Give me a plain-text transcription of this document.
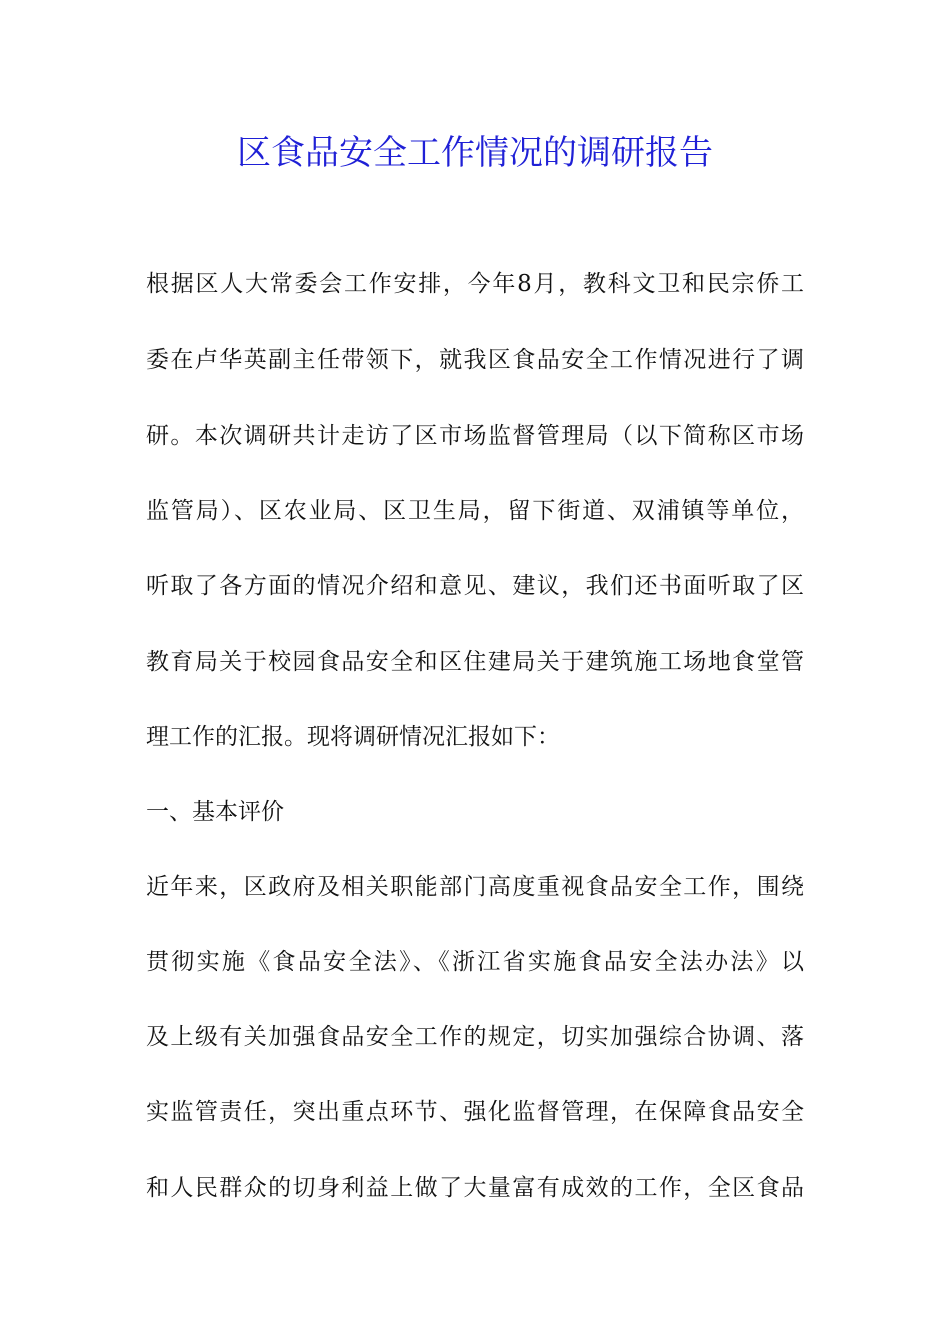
区食品安全工作情况的调研报告
根据区人大常委会工作安排，今年8月，教科文卫和民宗侨工
委在卢华英副主任带领下，就我区食品安全工作情况进行了调
研。本次调研共计走访了区市场监督管理局（以下简称区市场
监管局）、区农业局、区卫生局，留下街道、双浦镇等单位，
听取了各方面的情况介绍和意见、建议，我们还书面听取了区
教育局关于校园食品安全和区住建局关于建筑施工场地食堂管
理工作的汇报。现将调研情况汇报如下：
一、基本评价
近年来，区政府及相关职能部门高度重视食品安全工作，围绕
贯彻实施《食品安全法》、《浙江省实施食品安全法办法》以
及上级有关加强食品安全工作的规定，切实加强综合协调、落
实监管责任，突出重点环节、强化监督管理，在保障食品安全
和人民群众的切身利益上做了大量富有成效的工作，全区食品
